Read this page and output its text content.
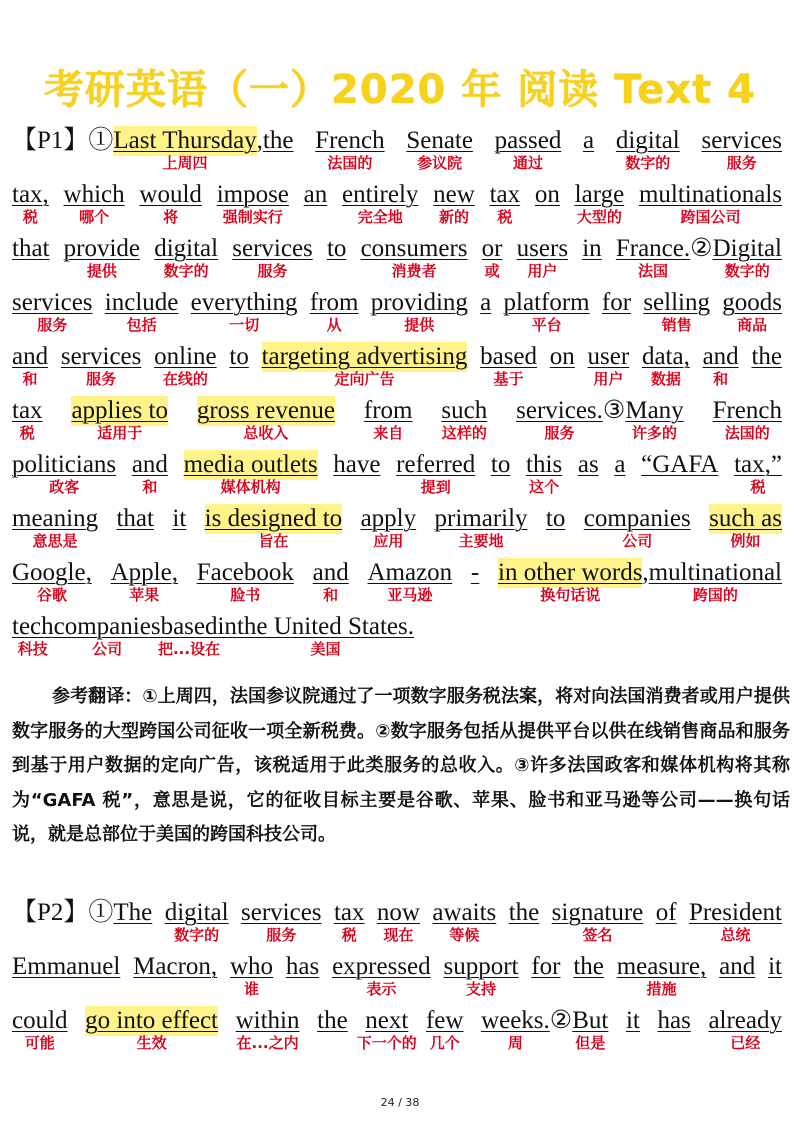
考研英语（一）2020 年 阅读 Text 4
【P1】① Last Thursday , the French Senate passed a digital services
上周四	法国的	参议院	通过	数字的	服务
tax, which would impose an entirely new tax on large multinationals
税	哪个	将	强制实行	完全地 新的 税	大型的	跨国公司
that provide digital services to consumers or users in France. ② Digital
提供	数字的	服务	消费者	或 用户	法国	数字的
services include everything from providing a platform for selling goods
服务	包括	一切	从	提供	平台	销售	商品
and services online to targeting advertising based on user data, and the
和	服务	在线的	定向广告	基于	用户 数据 和
tax applies to gross revenue from such services. ③ Many French
税	适用于	总收入	来自	这样的	服务	许多的	法国的
politicians and media outlets have referred to this as a “GAFA tax,”
政客	和	媒体机构	提到	这个	税
meaning that it is designed to apply primarily to companies such as
意思是	旨在	应用	主要地	公司	例如
Google, Apple, Facebook and Amazon - in other words , multinational
谷歌	苹果	脸书	和	亚马逊	换句话说	跨国的
tech companies based in the United States.
科技	公司 把...设在	美国
【P2】① The digital services tax now awaits the signature of President
数字的	服务	税 现在 等候	签名	总统
Emmanuel Macron, who has expressed support for the measure, and it
谁	表示	支持	措施
could go into effect within the next few weeks. ② But it has already
可能	生效	在...之内	下一个的 几个	周	但是	已经
参考翻译：①上周四，法国参议院通过了一项数字服务税法案，将对向法国消费者或用户提供数字服务的大型跨国公司征收一项全新税费。②数字服务包括从提供平台以供在线销售商品和服务到基于用户数据的定向广告，该税适用于此类服务的总收入。③许多法国政客和媒体机构将其称为“GAFA 税”，意思是说，它的征收目标主要是谷歌、苹果、脸书和亚马逊等公司——换句话说，就是总部位于美国的跨国科技公司。
24 / 38
